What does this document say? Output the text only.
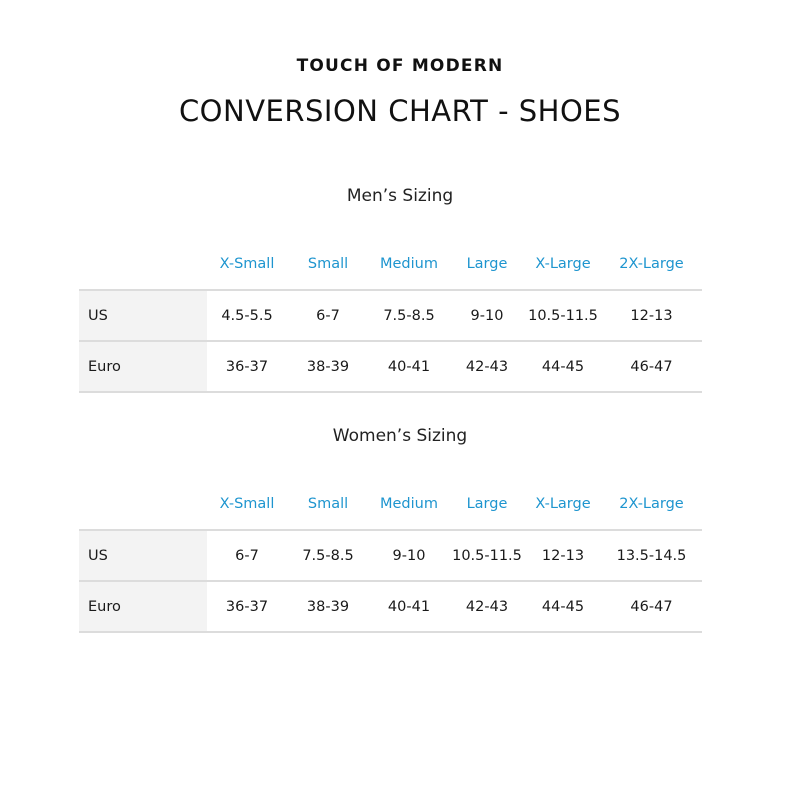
TOUCH OF MODERN
CONVERSION CHART - SHOES
Men’s Sizing
	X-Small	Small	Medium	Large	X-Large	2X-Large
US	4.5-5.5	6-7	7.5-8.5	9-10	10.5-11.5	12-13
Euro	36-37	38-39	40-41	42-43	44-45	46-47
Women’s Sizing
	X-Small	Small	Medium	Large	X-Large	2X-Large
US	6-7	7.5-8.5	9-10	10.5-11.5	12-13	13.5-14.5
Euro	36-37	38-39	40-41	42-43	44-45	46-47
